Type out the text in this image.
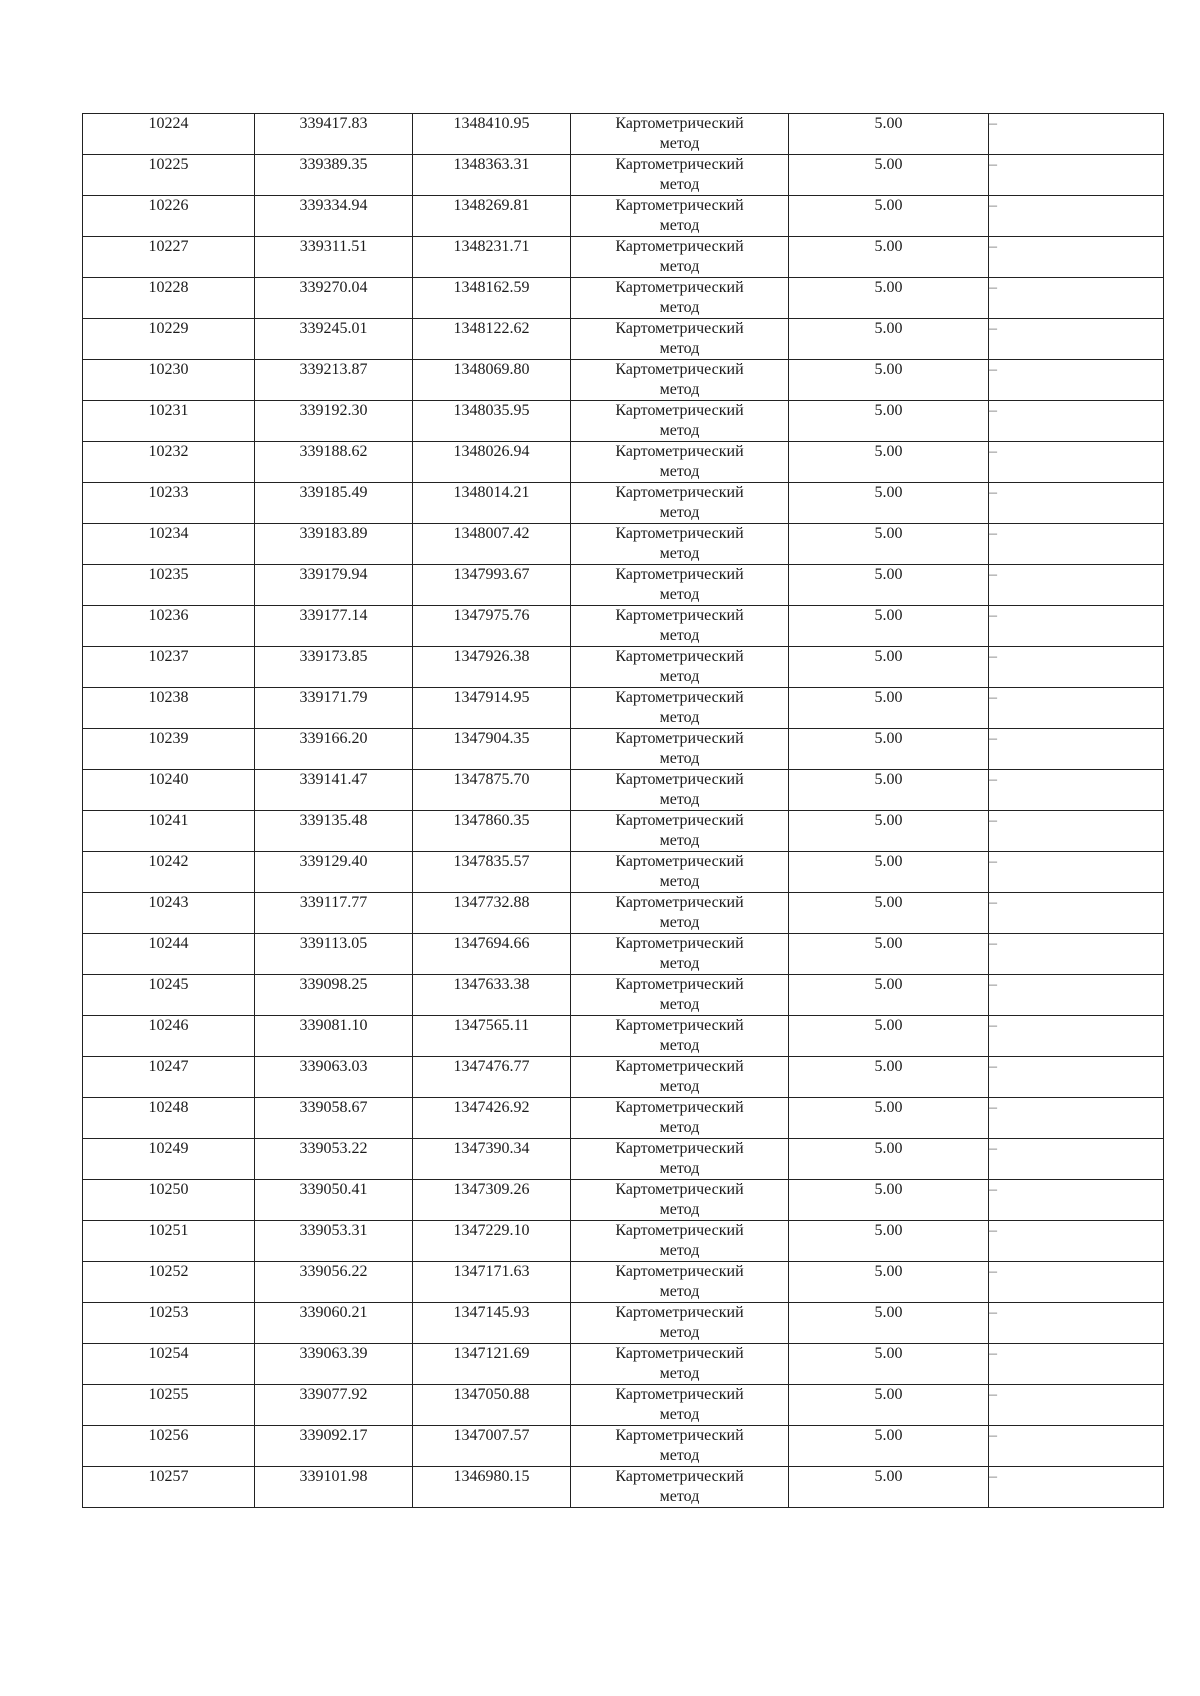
10224	339417.83	1348410.95	Картометрический
метод	5.00	–
10225	339389.35	1348363.31	Картометрический
метод	5.00	–
10226	339334.94	1348269.81	Картометрический
метод	5.00	–
10227	339311.51	1348231.71	Картометрический
метод	5.00	–
10228	339270.04	1348162.59	Картометрический
метод	5.00	–
10229	339245.01	1348122.62	Картометрический
метод	5.00	–
10230	339213.87	1348069.80	Картометрический
метод	5.00	–
10231	339192.30	1348035.95	Картометрический
метод	5.00	–
10232	339188.62	1348026.94	Картометрический
метод	5.00	–
10233	339185.49	1348014.21	Картометрический
метод	5.00	–
10234	339183.89	1348007.42	Картометрический
метод	5.00	–
10235	339179.94	1347993.67	Картометрический
метод	5.00	–
10236	339177.14	1347975.76	Картометрический
метод	5.00	–
10237	339173.85	1347926.38	Картометрический
метод	5.00	–
10238	339171.79	1347914.95	Картометрический
метод	5.00	–
10239	339166.20	1347904.35	Картометрический
метод	5.00	–
10240	339141.47	1347875.70	Картометрический
метод	5.00	–
10241	339135.48	1347860.35	Картометрический
метод	5.00	–
10242	339129.40	1347835.57	Картометрический
метод	5.00	–
10243	339117.77	1347732.88	Картометрический
метод	5.00	–
10244	339113.05	1347694.66	Картометрический
метод	5.00	–
10245	339098.25	1347633.38	Картометрический
метод	5.00	–
10246	339081.10	1347565.11	Картометрический
метод	5.00	–
10247	339063.03	1347476.77	Картометрический
метод	5.00	–
10248	339058.67	1347426.92	Картометрический
метод	5.00	–
10249	339053.22	1347390.34	Картометрический
метод	5.00	–
10250	339050.41	1347309.26	Картометрический
метод	5.00	–
10251	339053.31	1347229.10	Картометрический
метод	5.00	–
10252	339056.22	1347171.63	Картометрический
метод	5.00	–
10253	339060.21	1347145.93	Картометрический
метод	5.00	–
10254	339063.39	1347121.69	Картометрический
метод	5.00	–
10255	339077.92	1347050.88	Картометрический
метод	5.00	–
10256	339092.17	1347007.57	Картометрический
метод	5.00	–
10257	339101.98	1346980.15	Картометрический
метод	5.00	–
